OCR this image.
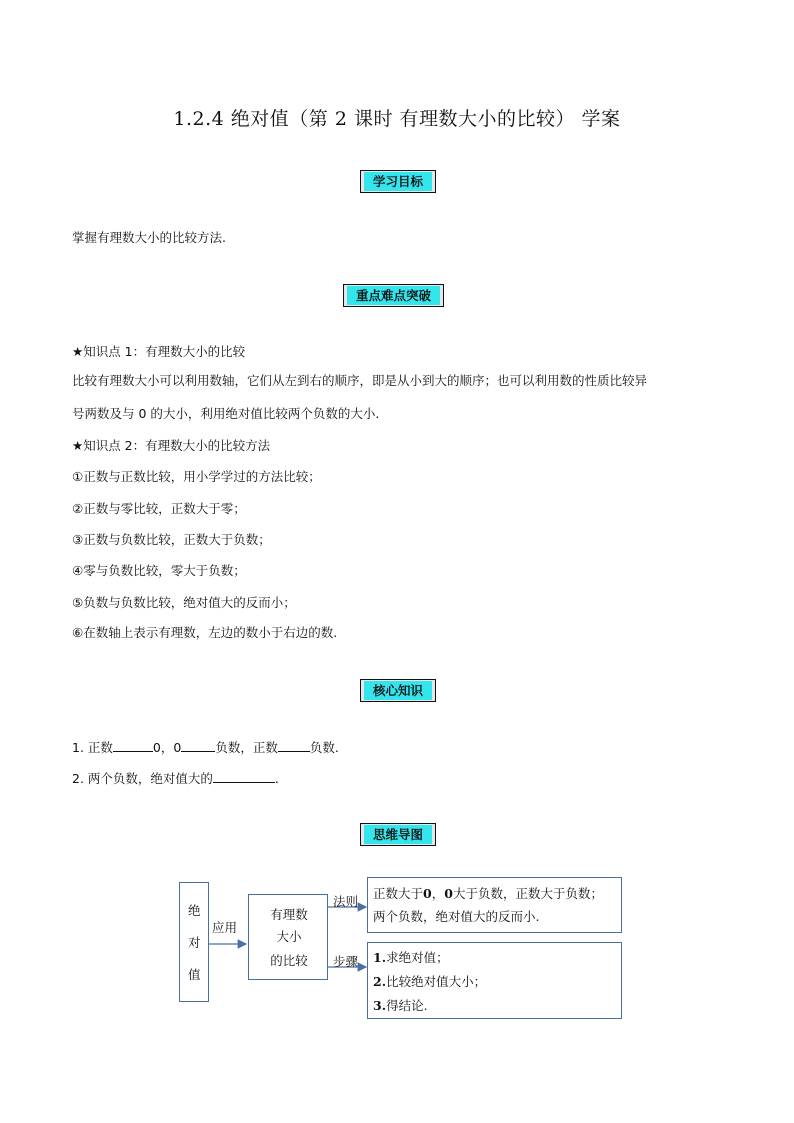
1.2.4 绝对值（第 2 课时 有理数大小的比较） 学案
学习目标
掌握有理数大小的比较方法.
重点难点突破
★知识点 1：有理数大小的比较
比较有理数大小可以利用数轴，它们从左到右的顺序，即是从小到大的顺序；也可以利用数的性质比较异
号两数及与 0 的大小，利用绝对值比较两个负数的大小.
★知识点 2：有理数大小的比较方法
①正数与正数比较，用小学学过的方法比较；
②正数与零比较，正数大于零；
③正数与负数比较，正数大于负数；
④零与负数比较，零大于负数；
⑤负数与负数比较，绝对值大的反而小；
⑥在数轴上表示有理数，左边的数小于右边的数.
核心知识
1. 正数	0，0	负数，正数	负数.
2. 两个负数，绝对值大的	.
思维导图
绝
对
值
应用
有理数
大小
的比较
法则
步骤
正数大于0，0大于负数，正数大于负数；
两个负数，绝对值大的反而小.
1.求绝对值；
2.比较绝对值大小；
3.得结论.
